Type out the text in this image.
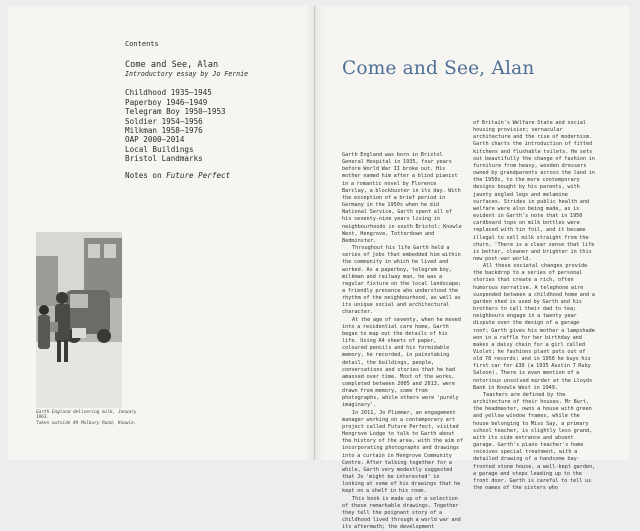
Contents
Come and See, Alan
Introductory essay by Jo Fernie
Childhood 1935–1945
Paperboy 1946–1949
Telegram Boy 1950–1953
Soldier 1954–1956
Milkman 1958–1976
OAP 2000–2014
Local Buildings
Bristol Landmarks
Notes on Future Perfect
Garth England delivering milk, January 1963.
Taken outside 49 Mulbury Road, Knowle.
Come and See, Alan

Garth England was born in Bristol General Hospital in 1935, four years before World War II broke out. His mother named him after a blind pianist in a romantic novel by Florence Barclay, a blockbuster in its day. With the exception of a brief period in Germany in the 1950s when he did National Service, Garth spent all of his seventy-nine years living in neighbourhoods in south Bristol: Knowle West, Hengrove, Totterdown and Bedminster.

Throughout his life Garth held a series of jobs that embedded him within the community in which he lived and worked. As a paperboy, telegram boy, milkman and railway man, he was a regular fixture on the local landscape; a friendly presence who understood the rhythm of the neighbourhood, as well as its unique social and architectural character.

At the age of seventy, when he moved into a residential care home, Garth began to map out the details of his life. Using A4 sheets of paper, coloured pencils and his formidable memory, he recorded, in painstaking detail, the buildings, people, conversations and stories that he had amassed over time. Most of the works, completed between 2005 and 2013, were drawn from memory, some from photographs, while others were 'purely imaginary'.

In 2011, Jo Plimmer, an engagement manager working on a contemporary art project called Future Perfect, visited Hengrove Lodge to talk to Garth about the history of the area, with the aim of incorporating photographs and drawings into a curtain in Hengrove Community Centre. After talking together for a while, Garth very modestly suggested that Jo 'might be interested' in looking at some of his drawings that he kept on a shelf in his room.

This book is made up of a selection of these remarkable drawings. Together they tell the poignant story of a childhood lived through a world war and its aftermath; the development

of Britain's Welfare State and social housing provision; vernacular architecture and the rise of modernism. Garth charts the introduction of fitted kitchens and flushable toilets. He sets out beautifully the change of fashion in furniture from heavy, wooden dressers owned by grandparents across the land in the 1950s, to the more contemporary designs bought by his parents, with jaunty angled legs and melamine surfaces. Strides in public health and welfare were also being made, as is evident in Garth's note that in 1950 cardboard tops on milk bottles were replaced with tin foil, and it became illegal to sell milk straight from the churn. 'There is a clear sense that life is better, cleaner and brighter in this new post-war world.

All these societal changes provide the backdrop to a series of personal stories that create a rich, often humorous narrative. A telephone wire suspended between a childhood home and a garden shed is used by Garth and his brothers to call their dad to tea; neighbours engage in a twenty year dispute over the design of a garage roof; Garth gives his mother a lampshade won in a raffle for her birthday and makes a daisy chain for a girl called Violet; he fashions plant pots out of old 78 records; and in 1956 he buys his first car for £30 (a 1935 Austin 7 Ruby Saloon). There is even mention of a notorious unsolved murder at the Lloyds Bank in Knowle West in 1949.

Teachers are defined by the architecture of their houses. Mr Burt, the headmaster, owns a house with green and yellow window frames, while the house belonging to Miss Say, a primary school teacher, is slightly less grand, with its side entrance and absent garage. Garth's piano teacher's home receives special treatment, with a detailed drawing of a handsome bay-fronted stone house, a well-kept garden, a garage and steps leading up to the front door. Garth is careful to tell us the names of the sisters who
